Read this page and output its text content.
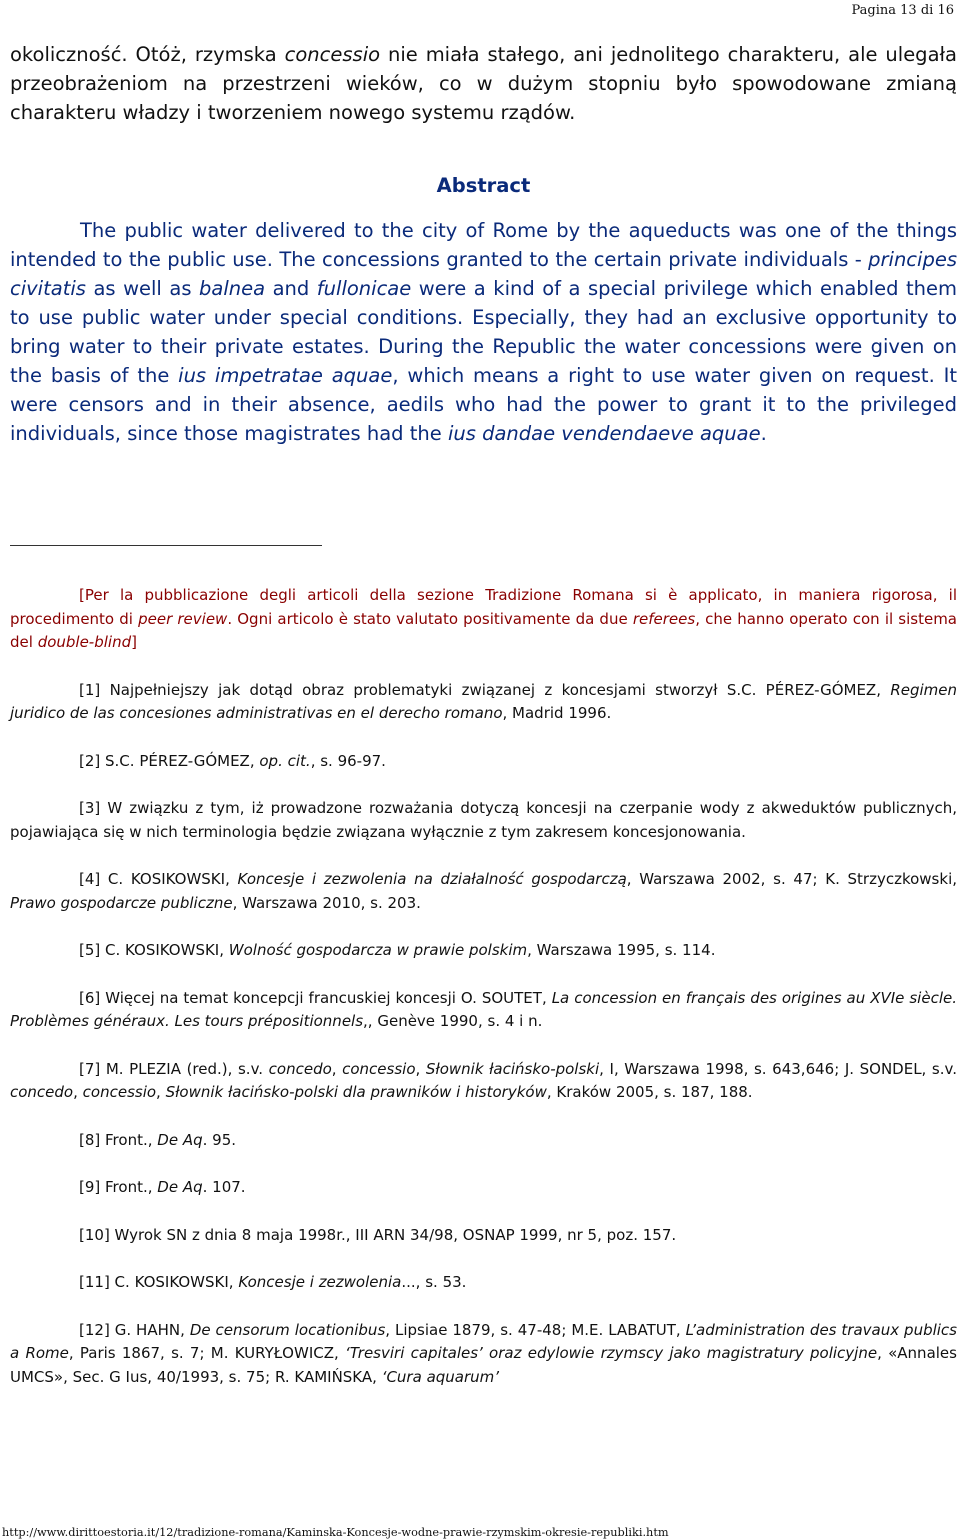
Pagina 13 di 16

okoliczność. Otóż, rzymska concessio nie miała stałego, ani jednolitego charakteru, ale ulegała przeobrażeniom na przestrzeni wieków, co w dużym stopniu było spowodowane zmianą charakteru władzy i tworzeniem nowego systemu rządów.

Abstract

The public water delivered to the city of Rome by the aqueducts was one of the things intended to the public use. The concessions granted to the certain private individuals - principes civitatis as well as balnea and fullonicae were a kind of a special privilege which enabled them to use public water under special conditions. Especially, they had an exclusive opportunity to bring water to their private estates. During the Republic the water concessions were given on the basis of the ius impetratae aquae, which means a right to use water given on request. It were censors and in their absence, aedils who had the power to grant it to the privileged individuals, since those magistrates had the ius dandae vendendaeve aquae.

[Per la pubblicazione degli articoli della sezione Tradizione Romana si è applicato, in maniera rigorosa, il procedimento di peer review. Ogni articolo è stato valutato positivamente da due referees, che hanno operato con il sistema del double-blind]

[1] Najpełniejszy jak dotąd obraz problematyki związanej z koncesjami stworzył S.C. PÉREZ-GÓMEZ, Regimen juridico de las concesiones administrativas en el derecho romano, Madrid 1996.

[2] S.C. PÉREZ-GÓMEZ, op. cit., s. 96-97.

[3] W związku z tym, iż prowadzone rozważania dotyczą koncesji na czerpanie wody z akweduktów publicznych, pojawiająca się w nich terminologia będzie związana wyłącznie z tym zakresem koncesjonowania.

[4] C. KOSIKOWSKI, Koncesje i zezwolenia na działalność gospodarczą, Warszawa 2002, s. 47; K. Strzyczkowski, Prawo gospodarcze publiczne, Warszawa 2010, s. 203.

[5] C. KOSIKOWSKI, Wolność gospodarcza w prawie polskim, Warszawa 1995, s. 114.

[6] Więcej na temat koncepcji francuskiej koncesji O. SOUTET, La concession en français des origines au XVIe siècle. Problèmes généraux. Les tours prépositionnels,, Genève 1990, s. 4 i n.

[7] M. PLEZIA (red.), s.v. concedo, concessio, Słownik łacińsko-polski, I, Warszawa 1998, s. 643,646; J. SONDEL, s.v. concedo, concessio, Słownik łacińsko-polski dla prawników i historyków, Kraków 2005, s. 187, 188.

[8] Front., De Aq. 95.

[9] Front., De Aq. 107.

[10] Wyrok SN z dnia 8 maja 1998r., III ARN 34/98, OSNAP 1999, nr 5, poz. 157.

[11] C. KOSIKOWSKI, Koncesje i zezwolenia..., s. 53.

[12] G. HAHN, De censorum locationibus, Lipsiae 1879, s. 47-48; M.E. LABATUT, L’administration des travaux publics a Rome, Paris 1867, s. 7; M. KURYŁOWICZ, ‘Tresviri capitales’ oraz edylowie rzymscy jako magistratury policyjne, «Annales UMCS», Sec. G Ius, 40/1993, s. 75; R. KAMIŃSKA, ‘Cura aquarum’

http://www.dirittoestoria.it/12/tradizione-romana/Kaminska-Koncesje-wodne-prawie-rzymskim-okresie-republiki.htm
